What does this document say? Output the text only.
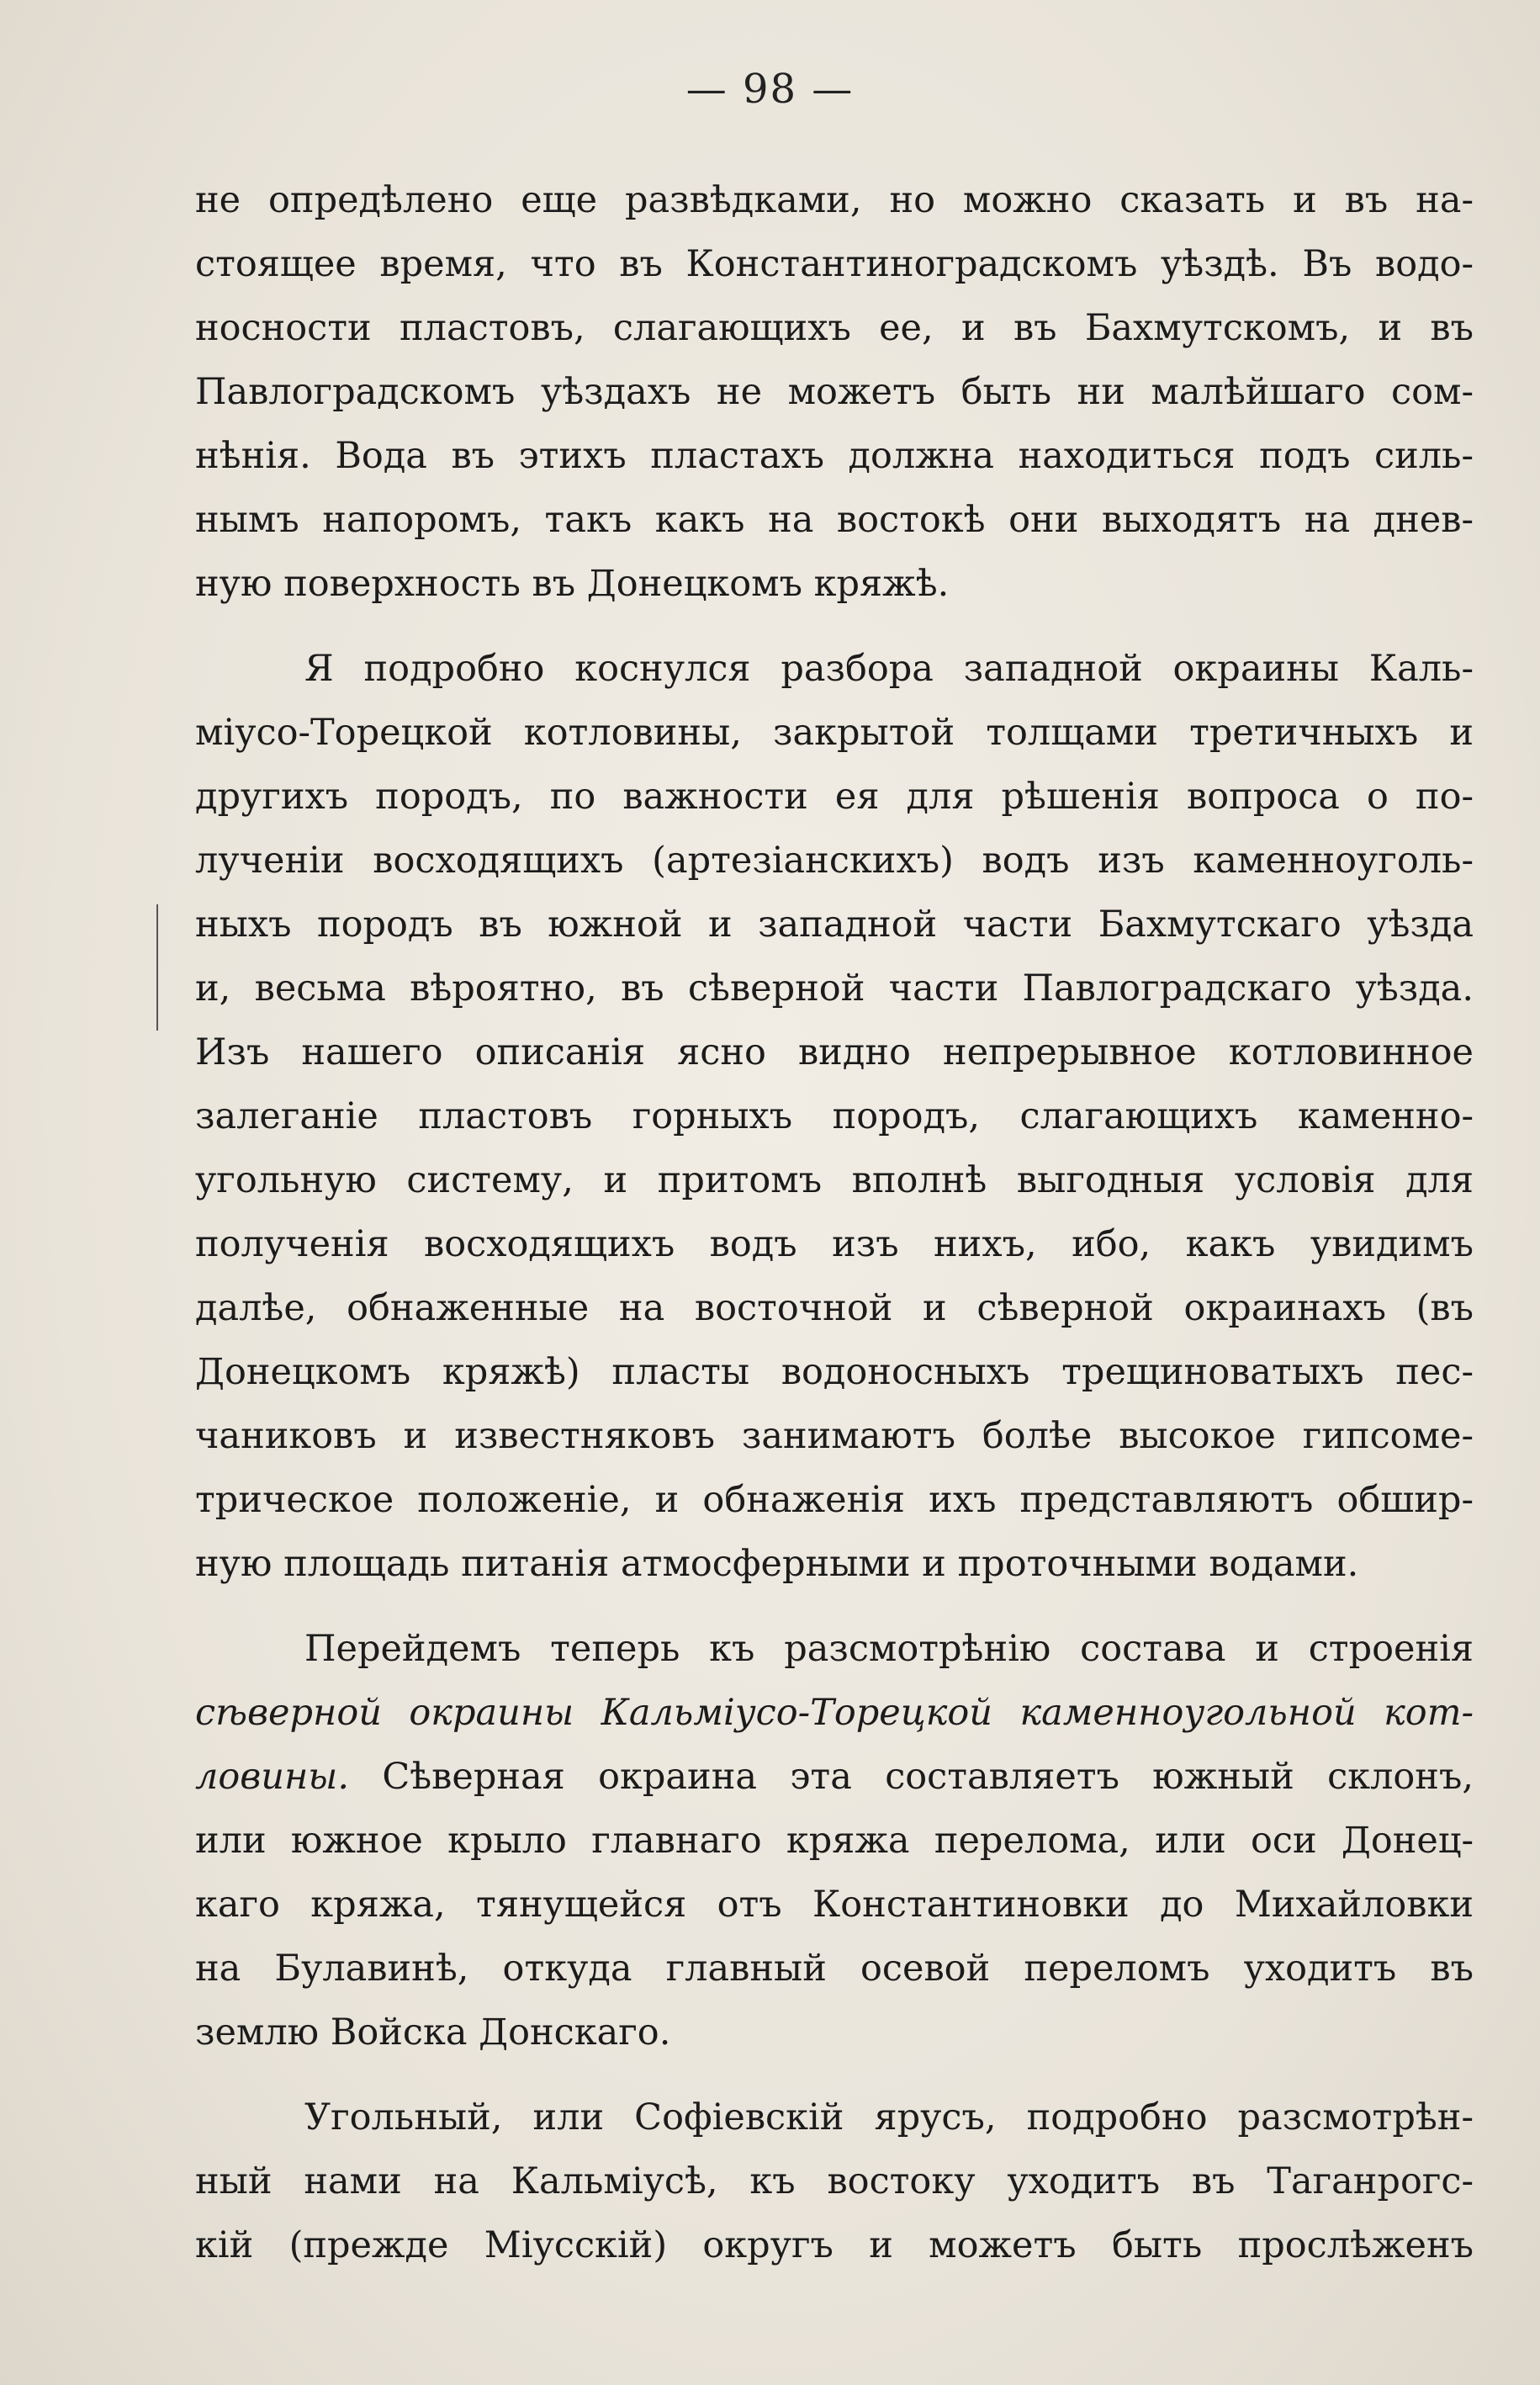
— 98 —
не опредѣлено еще развѣдками, но можно сказать и въ на-
стоящее время, что въ Константиноградскомъ уѣздѣ. Въ водо-
носности пластовъ, слагающихъ ее, и въ Бахмутскомъ, и въ
Павлоградскомъ уѣздахъ не можетъ быть ни малѣйшаго сом-
нѣнія. Вода въ этихъ пластахъ должна находиться подъ силь-
нымъ напоромъ, такъ какъ на востокѣ они выходятъ на днев-
ную поверхность въ Донецкомъ кряжѣ.
Я подробно коснулся разбора западной окраины Каль-
міусо-Торецкой котловины, закрытой толщами третичныхъ и
другихъ породъ, по важности ея для рѣшенія вопроса о по-
лученіи восходящихъ (артезіанскихъ) водъ изъ каменноуголь-
ныхъ породъ въ южной и западной части Бахмутскаго уѣзда
и, весьма вѣроятно, въ сѣверной части Павлоградскаго уѣзда.
Изъ нашего описанія ясно видно непрерывное котловинное
залеганіе пластовъ горныхъ породъ, слагающихъ каменно-
угольную систему, и притомъ вполнѣ выгодныя условія для
полученія восходящихъ водъ изъ нихъ, ибо, какъ увидимъ
далѣе, обнаженные на восточной и сѣверной окраинахъ (въ
Донецкомъ кряжѣ) пласты водоносныхъ трещиноватыхъ пес-
чаниковъ и известняковъ занимаютъ болѣе высокое гипсоме-
трическое положеніе, и обнаженія ихъ представляютъ обшир-
ную площадь питанія атмосферными и проточными водами.
Перейдемъ теперь къ разсмотрѣнію состава и строенія
сѣверной окраины Кальміусо-Торецкой каменноугольной кот-
ловины. Сѣверная окраина эта составляетъ южный склонъ,
или южное крыло главнаго кряжа перелома, или оси Донец-
каго кряжа, тянущейся отъ Константиновки до Михайловки
на Булавинѣ, откуда главный осевой переломъ уходитъ въ
землю Войска Донскаго.
Угольный, или Софіевскій ярусъ, подробно разсмотрѣн-
ный нами на Кальміусѣ, къ востоку уходитъ въ Таганрогс-
кій (прежде Міусскій) округъ и можетъ быть прослѣженъ
